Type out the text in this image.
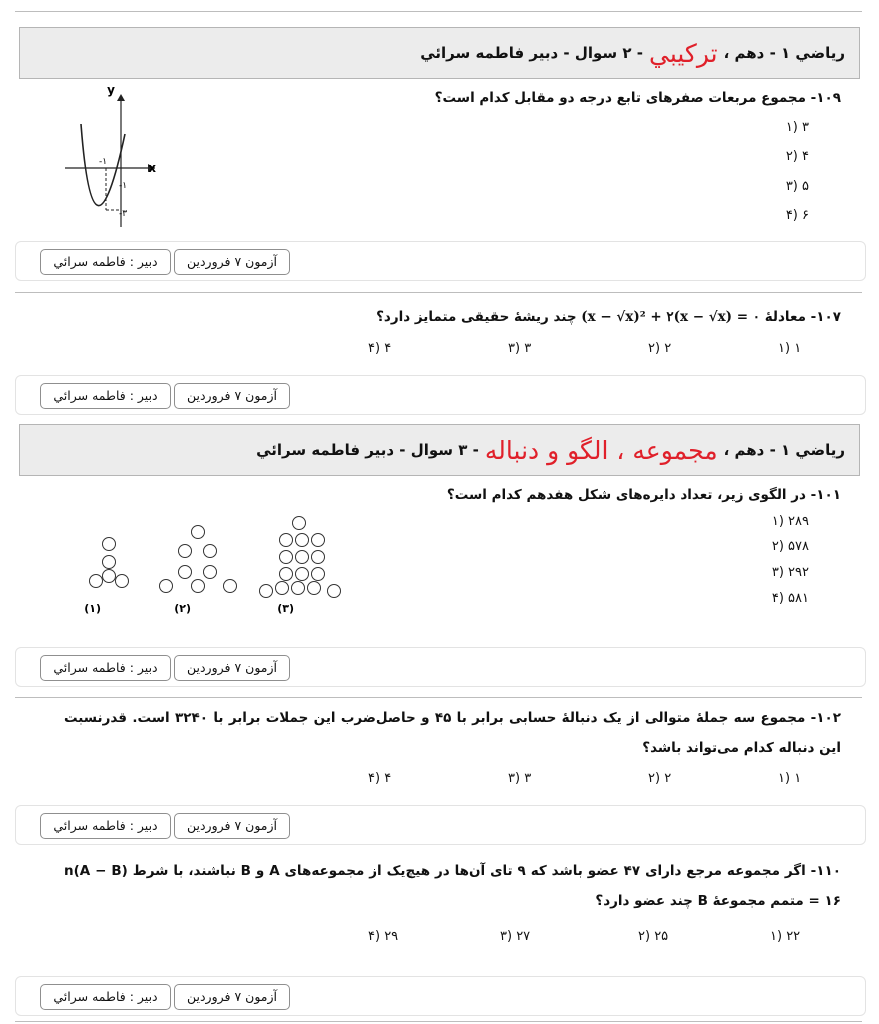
رياضي ۱ - دهم ،
ترکيبي
- ۲ سوال - دبير فاطمه سرائي
۱۰۹- مجموع مربعات صفرهای تابع درجه دو مقابل کدام است؟
۳ (۱
۴ (۲
۵ (۳
۶ (۴
y
x
-۱
-۱
-۳
آزمون ۷ فروردين
دبير : فاطمه سرائي
۱۰۷- معادلهٔ (x − √x)² + ۲(x − √x) = ۰ چند ریشهٔ حقیقی متمایز دارد؟
۴ (۴	۳ (۳	۲ (۲	۱ (۱
آزمون ۷ فروردين
دبير : فاطمه سرائي
رياضي ۱ - دهم ،
مجموعه ، الگو و دنباله
- ۳ سوال - دبير فاطمه سرائي
۱۰۱- در الگوی زیر، تعداد دایره‌های شکل هفدهم کدام است؟
۲۸۹ (۱
۵۷۸ (۲
۲۹۲ (۳
۵۸۱ (۴
(۱)	(۲)	(۳)
آزمون ۷ فروردين
دبير : فاطمه سرائي
۱۰۲- مجموع سه جملهٔ متوالی از یک دنبالهٔ حسابی برابر با ۴۵ و حاصل‌ضرب این جملات برابر با ۳۲۴۰ است. قدرنسبت این دنباله کدام می‌تواند باشد؟
۴ (۴	۳ (۳	۲ (۲	۱ (۱
آزمون ۷ فروردين
دبير : فاطمه سرائي
۱۱۰- اگر مجموعه مرجع دارای ۴۷ عضو باشد که ۹ تای آن‌ها در هیچ‌یک از مجموعه‌های A و B نباشند، با شرط n(A − B) = ۱۶ متمم مجموعهٔ B چند عضو دارد؟
۲۹ (۴	۲۷ (۳	۲۵ (۲	۲۲ (۱
آزمون ۷ فروردين
دبير : فاطمه سرائي
